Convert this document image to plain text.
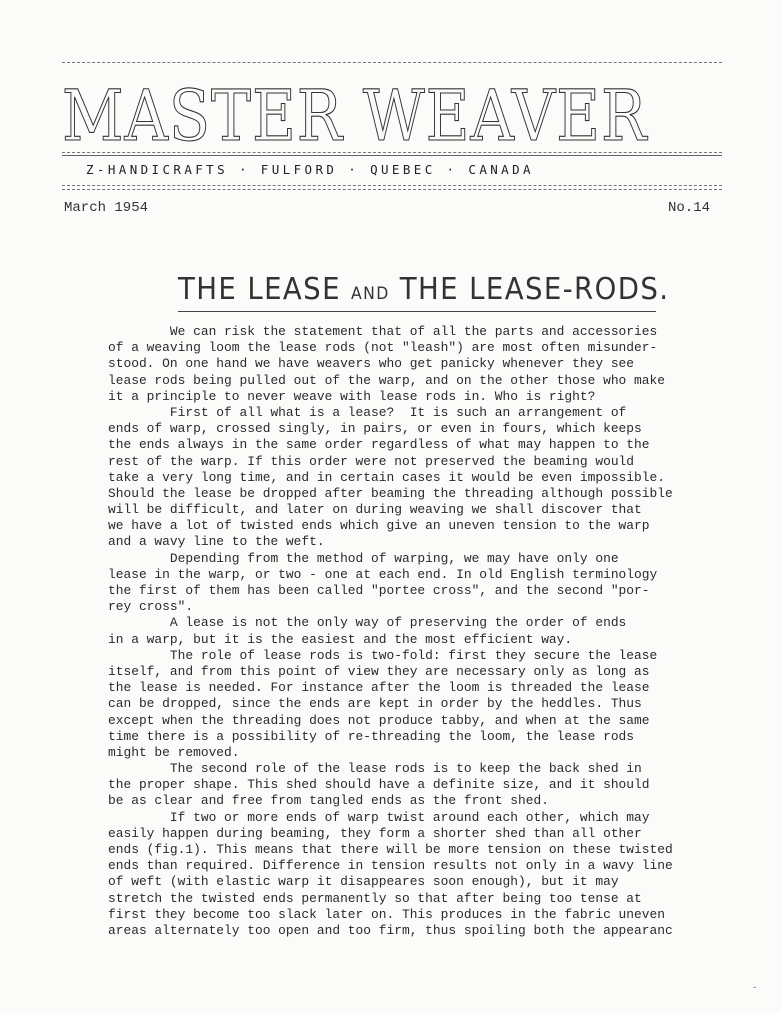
MASTER WEAVER
Z-HANDICRAFTS · FULFORD · QUEBEC · CANADA
March 1954	No.14
THE LEASE AND THE LEASE-RODS.
We can risk the statement that of all the parts and accessories
of a weaving loom the lease rods (not "leash") are most often misunder-
stood. On one hand we have weavers who get panicky whenever they see
lease rods being pulled out of the warp, and on the other those who make
it a principle to never weave with lease rods in. Who is right?
First of all what is a lease?  It is such an arrangement of
ends of warp, crossed singly, in pairs, or even in fours, which keeps
the ends always in the same order regardless of what may happen to the
rest of the warp. If this order were not preserved the beaming would
take a very long time, and in certain cases it would be even impossible.
Should the lease be dropped after beaming the threading although possible
will be difficult, and later on during weaving we shall discover that
we have a lot of twisted ends which give an uneven tension to the warp
and a wavy line to the weft.
Depending from the method of warping, we may have only one
lease in the warp, or two - one at each end. In old English terminology
the first of them has been called "portee cross", and the second "por-
rey cross".
A lease is not the only way of preserving the order of ends
in a warp, but it is the easiest and the most efficient way.
The role of lease rods is two-fold: first they secure the lease
itself, and from this point of view they are necessary only as long as
the lease is needed. For instance after the loom is threaded the lease
can be dropped, since the ends are kept in order by the heddles. Thus
except when the threading does not produce tabby, and when at the same
time there is a possibility of re-threading the loom, the lease rods
might be removed.
The second role of the lease rods is to keep the back shed in
the proper shape. This shed should have a definite size, and it should
be as clear and free from tangled ends as the front shed.
If two or more ends of warp twist around each other, which may
easily happen during beaming, they form a shorter shed than all other
ends (fig.1). This means that there will be more tension on these twisted
ends than required. Difference in tension results not only in a wavy line
of weft (with elastic warp it disappeares soon enough), but it may
stretch the twisted ends permanently so that after being too tense at
first they become too slack later on. This produces in the fabric uneven
areas alternately too open and too firm, thus spoiling both the appearanc
-
